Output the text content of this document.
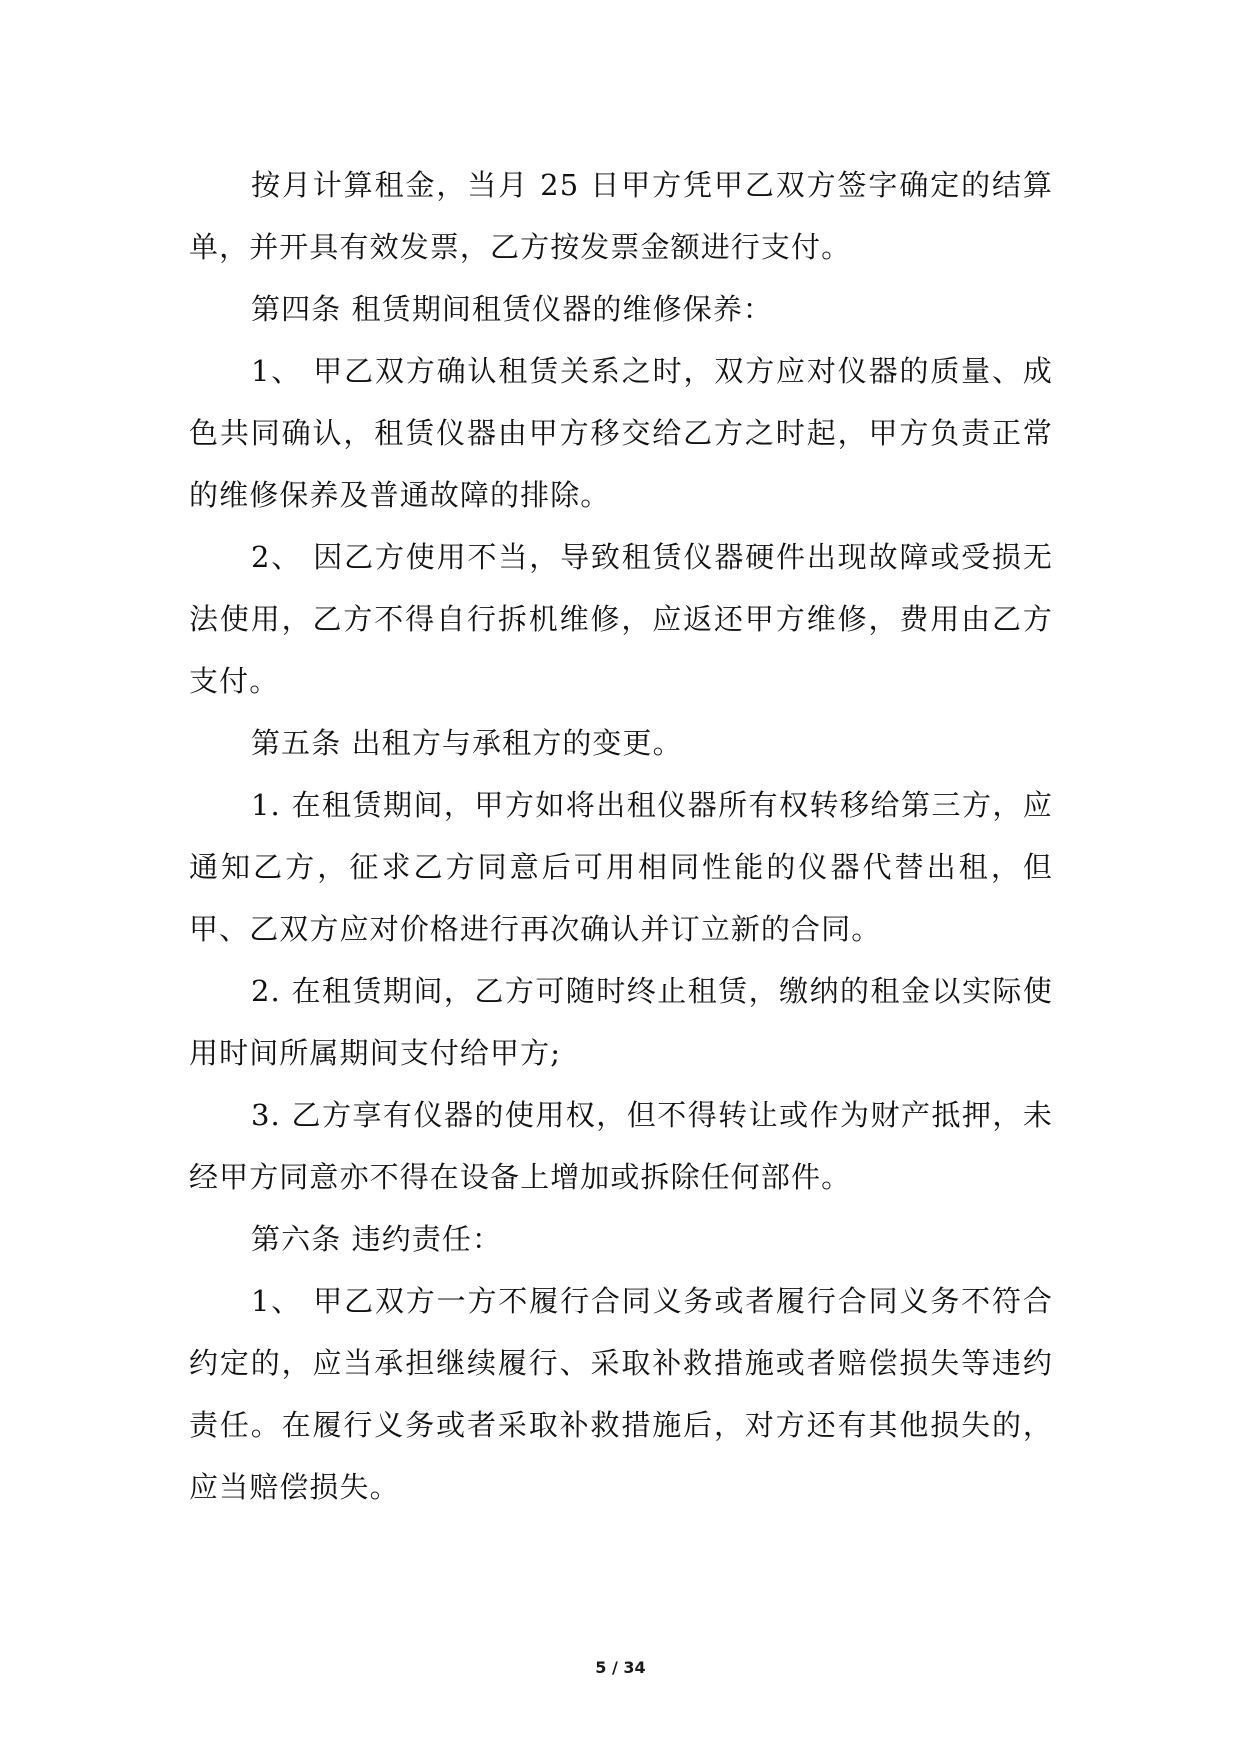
按月计算租金，当月 25 日甲方凭甲乙双方签字确定的结算单，并开具有效发票，乙方按发票金额进行支付。

第四条 租赁期间租赁仪器的维修保养：

1、 甲乙双方确认租赁关系之时，双方应对仪器的质量、成色共同确认，租赁仪器由甲方移交给乙方之时起，甲方负责正常的维修保养及普通故障的排除。

2、 因乙方使用不当，导致租赁仪器硬件出现故障或受损无法使用，乙方不得自行拆机维修，应返还甲方维修，费用由乙方支付。

第五条 出租方与承租方的变更。

1. 在租赁期间，甲方如将出租仪器所有权转移给第三方，应通知乙方，征求乙方同意后可用相同性能的仪器代替出租，但甲、乙双方应对价格进行再次确认并订立新的合同。

2. 在租赁期间，乙方可随时终止租赁，缴纳的租金以实际使用时间所属期间支付给甲方;

3. 乙方享有仪器的使用权，但不得转让或作为财产抵押，未经甲方同意亦不得在设备上增加或拆除任何部件。

第六条 违约责任：

1、 甲乙双方一方不履行合同义务或者履行合同义务不符合约定的，应当承担继续履行、采取补救措施或者赔偿损失等违约责任。在履行义务或者采取补救措施后，对方还有其他损失的，应当赔偿损失。

5 / 34
